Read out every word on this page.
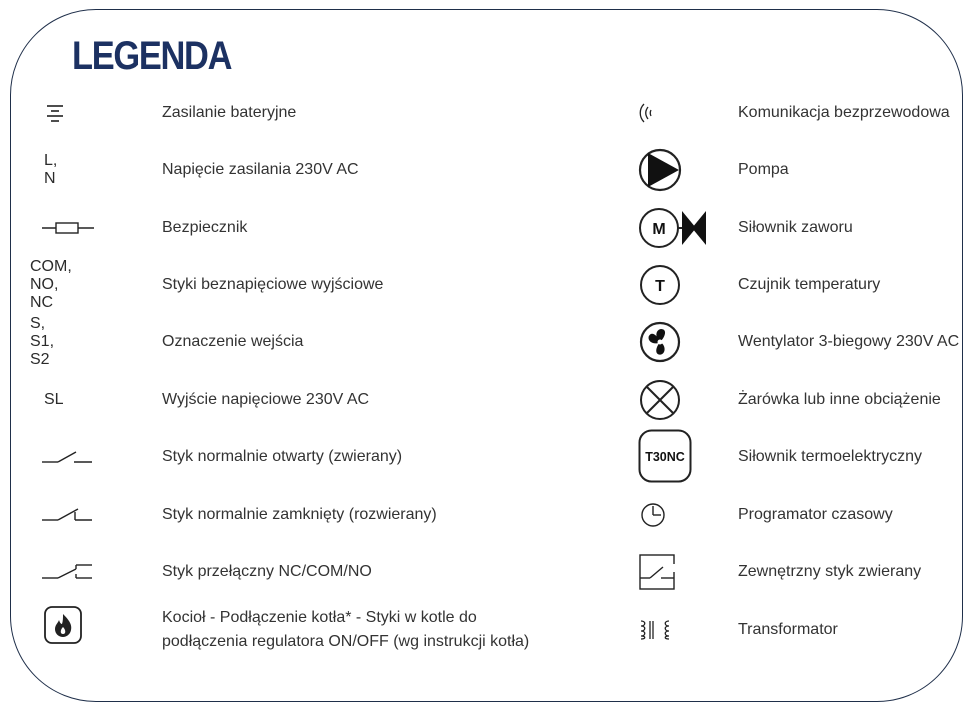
LEGENDA
Zasilanie bateryjne
L, N
Napięcie zasilania 230V AC
Bezpiecznik
COM, NO, NC
Styki beznapięciowe wyjściowe
S, S1, S2
Oznaczenie wejścia
SL	Wyjście napięciowe 230V AC
Styk normalnie otwarty (zwierany)
Styk normalnie zamknięty (rozwierany)
Styk przełączny NC/COM/NO
Kocioł - Podłączenie kotła* - Styki w kotle do
podłączenia regulatora ON/OFF (wg instrukcji kotła)
Komunikacja bezprzewodowa
Pompa
M	Siłownik zaworu
T	Czujnik temperatury
Wentylator 3-biegowy 230V AC
Żarówka lub inne obciążenie
T30NC	Siłownik termoelektryczny
Programator czasowy
Zewnętrzny styk zwierany
Transformator
